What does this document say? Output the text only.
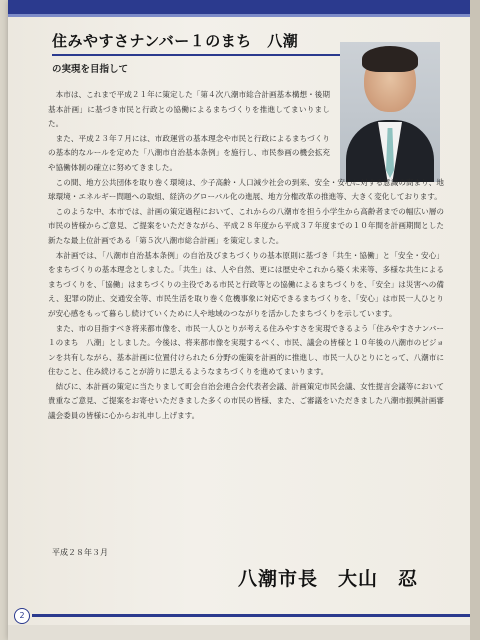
住みやすさナンバー１のまち　八潮
の実現を目指して

本市は、これまで平成２１年に策定した「第４次八潮市総合計画基本構想・後期基本計画」に基づき市民と行政との協働によるまちづくりを推進してまいりました。

また、平成２３年７月には、市政運営の基本理念や市民と行政によるまちづくりの基本的なルールを定めた「八潮市自治基本条例」を施行し、市民参画の機会拡充や協働体制の確立に努めてきました。

この間、地方公共団体を取り巻く環境は、少子高齢・人口減少社会の到来、安全・安心に対する意識の高まり、地球環境・エネルギー問題への取組、経済のグローバル化の進展、地方分権改革の推進等、大きく変化しております。

このような中、本市では、計画の策定過程において、これからの八潮市を担う小学生から高齢者までの幅広い層の市民の皆様からご意見、ご提案をいただきながら、平成２８年度から平成３７年度までの１０年間を計画期間とした新たな最上位計画である「第５次八潮市総合計画」を策定しました。

本計画では、「八潮市自治基本条例」の自治及びまちづくりの基本原則に基づき「共生・協働」と「安全・安心」をまちづくりの基本理念としました。「共生」は、人や自然、更には歴史やこれから築く未来等、多様な共生によるまちづくりを、「協働」はまちづくりの主役である市民と行政等との協働によるまちづくりを、「安全」は災害への備え、犯罪の防止、交通安全等、市民生活を取り巻く危機事象に対応できるまちづくりを、「安心」は市民一人ひとりが安心感をもって暮らし続けていくために人や地域のつながりを活かしたまちづくりを示しています。

また、市の目指すべき将来都市像を、市民一人ひとりが考える住みやすさを実現できるよう「住みやすさナンバー１のまち　八潮」としました。今後は、将来都市像を実現するべく、市民、議会の皆様と１０年後の八潮市のビジョンを共有しながら、基本計画に位置付けられた６分野の施策を計画的に推進し、市民一人ひとりにとって、八潮市に住むこと、住み続けることが誇りに思えるようなまちづくりを進めてまいります。

結びに、本計画の策定に当たりまして町会自治会連合会代表者会議、計画策定市民会議、女性提言会議等において貴重なご意見、ご提案をお寄せいただきました多くの市民の皆様、また、ご審議をいただきました八潮市振興計画審議会委員の皆様に心からお礼申し上げます。

平成２８年３月
八潮市長　大山　忍
2
